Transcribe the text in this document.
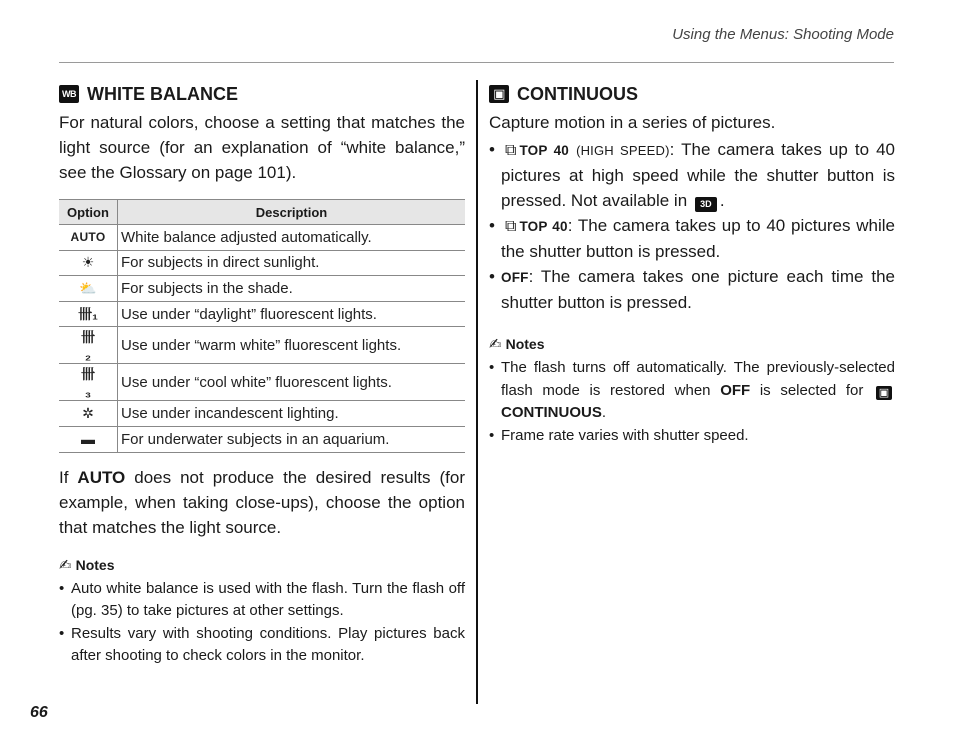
Using the Menus: Shooting Mode
WB WHITE BALANCE

For natural colors, choose a setting that matches the light source (for an explanation of “white balance,” see the Glossary on page 101).

Option	Description
AUTO	White balance adjusted automatically.
☀	For subjects in direct sunlight.
⛅	For subjects in the shade.
卌₁	Use under “daylight” fluorescent lights.
卌₂	Use under “warm white” fluorescent lights.
卌₃	Use under “cool white” fluorescent lights.
✲	Use under incandescent lighting.
▬	For underwater subjects in an aquarium.

If AUTO does not produce the desired results (for example, when taking close-ups), choose the option that matches the light source.

✍ Notes
• Auto white balance is used with the flash. Turn the flash off (pg. 35) to take pictures at other settings.
• Results vary with shooting conditions. Play pictures back after shooting to check colors in the monitor.
▣ CONTINUOUS

Capture motion in a series of pictures.

• ⧉ TOP 40 (HIGH SPEED): The camera takes up to 40 pictures at high speed while the shutter button is pressed. Not available in 3D .
• ⧉ TOP 40: The camera takes up to 40 pictures while the shutter button is pressed.
• OFF: The camera takes one picture each time the shutter button is pressed.
✍ Notes
• The flash turns off automatically. The previously-selected flash mode is restored when OFF is selected for ▣CONTINUOUS.
• Frame rate varies with shutter speed.
66
